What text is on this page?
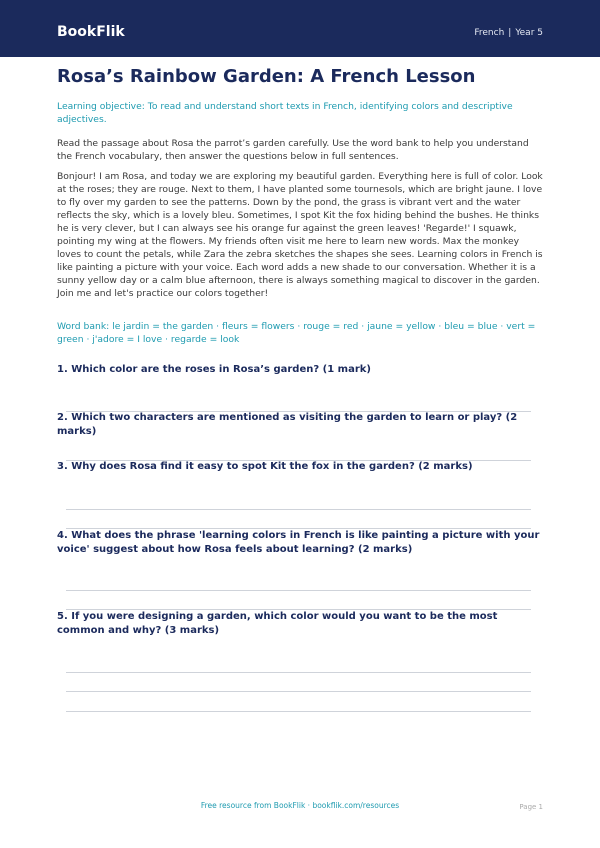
BookFlik	French | Year 5
Rosa’s Rainbow Garden: A French Lesson

Learning objective: To read and understand short texts in French, identifying colors and descriptive adjectives.

Read the passage about Rosa the parrot’s garden carefully. Use the word bank to help you understand the French vocabulary, then answer the questions below in full sentences.

Bonjour! I am Rosa, and today we are exploring my beautiful garden. Everything here is full of color. Look at the roses; they are rouge. Next to them, I have planted some tournesols, which are bright jaune. I love to fly over my garden to see the patterns. Down by the pond, the grass is vibrant vert and the water reflects the sky, which is a lovely bleu. Sometimes, I spot Kit the fox hiding behind the bushes. He thinks he is very clever, but I can always see his orange fur against the green leaves! 'Regarde!' I squawk, pointing my wing at the flowers. My friends often visit me here to learn new words. Max the monkey loves to count the petals, while Zara the zebra sketches the shapes she sees. Learning colors in French is like painting a picture with your voice. Each word adds a new shade to our conversation. Whether it is a sunny yellow day or a calm blue afternoon, there is always something magical to discover in the garden. Join me and let's practice our colors together!

Word bank: le jardin = the garden · fleurs = flowers · rouge = red · jaune = yellow · bleu = blue · vert = green · j'adore = I love · regarde = look

1. Which color are the roses in Rosa’s garden? (1 mark)

2. Which two characters are mentioned as visiting the garden to learn or play? (2 marks)

3. Why does Rosa find it easy to spot Kit the fox in the garden? (2 marks)

4. What does the phrase 'learning colors in French is like painting a picture with your voice' suggest about how Rosa feels about learning? (2 marks)

5. If you were designing a garden, which color would you want to be the most common and why? (3 marks)

Free resource from BookFlik · bookflik.com/resources	Page 1
